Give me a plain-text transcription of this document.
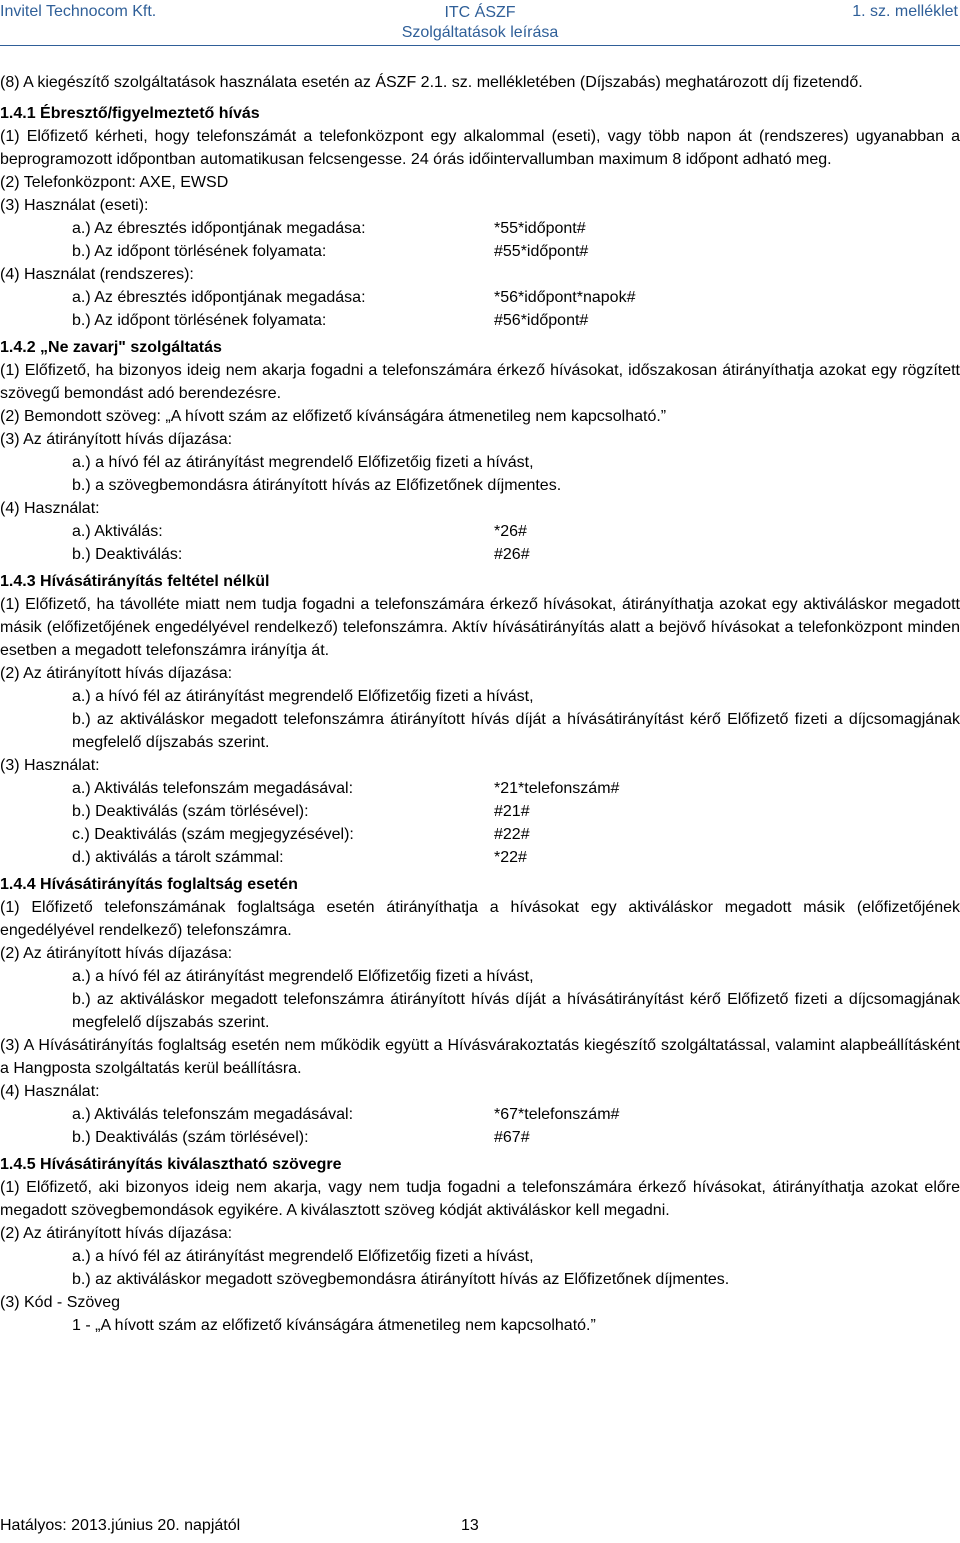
Invitel Technocom Kft.	ITC ÁSZF
Szolgáltatások leírása
1. sz. melléklet

(8) A kiegészítő szolgáltatások használata esetén az ÁSZF 2.1. sz. mellékletében (Díjszabás) meghatározott díj fizetendő.

1.4.1 Ébresztő/figyelmeztető hívás

(1) Előfizető kérheti, hogy telefonszámát a telefonközpont egy alkalommal (eseti), vagy több napon át (rendszeres) ugyanabban a beprogramozott időpontban automatikusan felcsengesse. 24 órás időintervallumban maximum 8 időpont adható meg.

(2) Telefonközpont: AXE, EWSD

(3) Használat (eseti):

a.) Az ébresztés időpontjának megadása:	*55*időpont#
b.) Az időpont törlésének folyamata:	#55*időpont#

(4) Használat (rendszeres):

a.) Az ébresztés időpontjának megadása:	*56*időpont*napok#
b.) Az időpont törlésének folyamata:	#56*időpont#

1.4.2 „Ne zavarj" szolgáltatás

(1) Előfizető, ha bizonyos ideig nem akarja fogadni a telefonszámára érkező hívásokat, időszakosan átirányíthatja azokat egy rögzített szövegű bemondást adó berendezésre.

(2) Bemondott szöveg: „A hívott szám az előfizető kívánságára átmenetileg nem kapcsolható.”

(3) Az átirányított hívás díjazása:

a.) a hívó fél az átirányítást megrendelő Előfizetőig fizeti a hívást,

b.) a szövegbemondásra átirányított hívás az Előfizetőnek díjmentes.

(4) Használat:

a.) Aktiválás:	*26#
b.) Deaktiválás:	#26#

1.4.3 Hívásátirányítás feltétel nélkül

(1) Előfizető, ha távolléte miatt nem tudja fogadni a telefonszámára érkező hívásokat, átirányíthatja azokat egy aktiváláskor megadott másik (előfizetőjének engedélyével rendelkező) telefonszámra. Aktív hívásátirányítás alatt a bejövő hívásokat a telefonközpont minden esetben a megadott telefonszámra irányítja át.

(2) Az átirányított hívás díjazása:

a.) a hívó fél az átirányítást megrendelő Előfizetőig fizeti a hívást,

b.) az aktiváláskor megadott telefonszámra átirányított hívás díját a hívásátirányítást kérő Előfizető fizeti a díjcsomagjának megfelelő díjszabás szerint.

(3) Használat:

a.) Aktiválás telefonszám megadásával:	*21*telefonszám#
b.) Deaktiválás (szám törlésével):	#21#
c.) Deaktiválás (szám megjegyzésével):	#22#
d.) aktiválás a tárolt számmal:	*22#

1.4.4 Hívásátirányítás foglaltság esetén

(1) Előfizető telefonszámának foglaltsága esetén átirányíthatja a hívásokat egy aktiváláskor megadott másik (előfizetőjének engedélyével rendelkező) telefonszámra.

(2) Az átirányított hívás díjazása:

a.) a hívó fél az átirányítást megrendelő Előfizetőig fizeti a hívást,

b.) az aktiváláskor megadott telefonszámra átirányított hívás díját a hívásátirányítást kérő Előfizető fizeti a díjcsomagjának megfelelő díjszabás szerint.

(3) A Hívásátirányítás foglaltság esetén nem működik együtt a Hívásvárakoztatás kiegészítő szolgáltatással, valamint alapbeállításként a Hangposta szolgáltatás kerül beállításra.

(4) Használat:

a.) Aktiválás telefonszám megadásával:	*67*telefonszám#
b.) Deaktiválás (szám törlésével):	#67#

1.4.5 Hívásátirányítás kiválasztható szövegre

(1) Előfizető, aki bizonyos ideig nem akarja, vagy nem tudja fogadni a telefonszámára érkező hívásokat, átirányíthatja azokat előre megadott szövegbemondások egyikére. A kiválasztott szöveg kódját aktiváláskor kell megadni.

(2) Az átirányított hívás díjazása:

a.) a hívó fél az átirányítást megrendelő Előfizetőig fizeti a hívást,

b.) az aktiváláskor megadott szövegbemondásra átirányított hívás az Előfizetőnek díjmentes.

(3) Kód - Szöveg

1 - „A hívott szám az előfizető kívánságára átmenetileg nem kapcsolható.”

Hatályos: 2013.június 20. napjától	13
